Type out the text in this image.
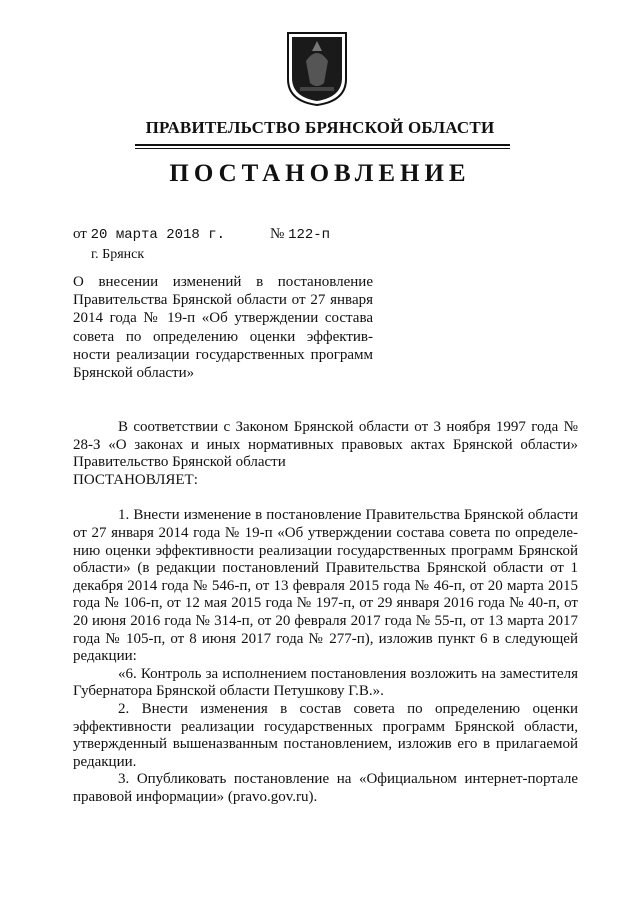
ПРАВИТЕЛЬСТВО БРЯНСКОЙ ОБЛАСТИ
ПОСТАНОВЛЕНИЕ
от 20 марта 2018 г.	№ 122-п
г. Брянск

О внесении изменений в постановление Правительства Брянской области от 27 января 2014 года № 19-п «Об утверждении состава совета по определению оценки эффектив-ности реализации государственных программ Брянской области»

В соответствии с Законом Брянской области от 3 ноября 1997 года № 28-З «О законах и иных нормативных правовых актах Брянской области» Правительство Брянской области

ПОСТАНОВЛЯЕТ:

1. Внести изменение в постановление Правительства Брянской области от 27 января 2014 года № 19-п «Об утверждении состава совета по определе-нию оценки эффективности реализации государственных программ Брянской области» (в редакции постановлений Правительства Брянской области от 1 декабря 2014 года № 546-п, от 13 февраля 2015 года № 46-п, от 20 марта 2015 года № 106-п, от 12 мая 2015 года № 197-п, от 29 января 2016 года № 40-п, от 20 июня 2016 года № 314-п, от 20 февраля 2017 года № 55-п, от 13 марта 2017 года № 105-п, от 8 июня 2017 года № 277-п), изложив пункт 6 в следующей редакции:

«6. Контроль за исполнением постановления возложить на заместителя Губернатора Брянской области Петушкову Г.В.».

2. Внести изменения в состав совета по определению оценки эффективности реализации государственных программ Брянской области, утвержденный вышеназванным постановлением, изложив его в прилагаемой редакции.

3. Опубликовать постановление на «Официальном интернет-портале правовой информации» (pravo.gov.ru).
